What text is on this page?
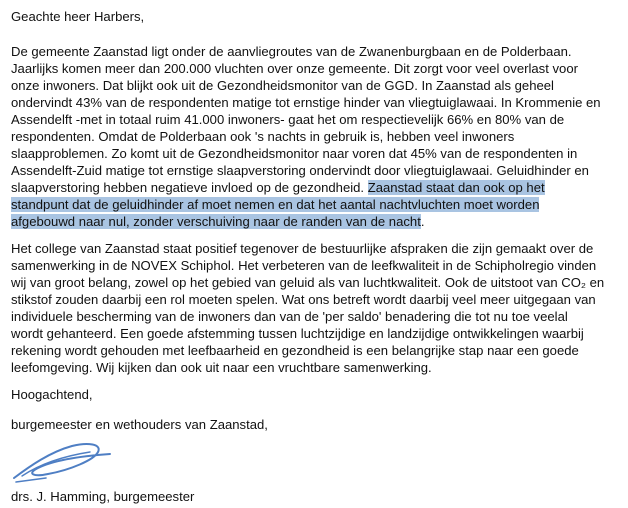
Geachte heer Harbers,
De gemeente Zaanstad ligt onder de aanvliegroutes van de Zwanenburgbaan en de Polderbaan.
Jaarlijks komen meer dan 200.000 vluchten over onze gemeente. Dit zorgt voor veel overlast voor
onze inwoners. Dat blijkt ook uit de Gezondheidsmonitor van de GGD. In Zaanstad als geheel
ondervindt 43% van de respondenten matige tot ernstige hinder van vliegtuiglawaai. In Krommenie en
Assendelft -met in totaal ruim 41.000 inwoners- gaat het om respectievelijk 66% en 80% van de
respondenten. Omdat de Polderbaan ook 's nachts in gebruik is, hebben veel inwoners
slaapproblemen. Zo komt uit de Gezondheidsmonitor naar voren dat 45% van de respondenten in
Assendelft-Zuid matige tot ernstige slaapverstoring ondervindt door vliegtuiglawaai. Geluidhinder en
slaapverstoring hebben negatieve invloed op de gezondheid. Zaanstad staat dan ook op het
standpunt dat de geluidhinder af moet nemen en dat het aantal nachtvluchten moet worden
afgebouwd naar nul, zonder verschuiving naar de randen van de nacht.
Het college van Zaanstad staat positief tegenover de bestuurlijke afspraken die zijn gemaakt over de
samenwerking in de NOVEX Schiphol. Het verbeteren van de leefkwaliteit in de Schipholregio vinden
wij van groot belang, zowel op het gebied van geluid als van luchtkwaliteit. Ook de uitstoot van CO₂ en
stikstof zouden daarbij een rol moeten spelen. Wat ons betreft wordt daarbij veel meer uitgegaan van
individuele bescherming van de inwoners dan van de 'per saldo' benadering die tot nu toe veelal
wordt gehanteerd. Een goede afstemming tussen luchtzijdige en landzijdige ontwikkelingen waarbij
rekening wordt gehouden met leefbaarheid en gezondheid is een belangrijke stap naar een goede
leefomgeving. Wij kijken dan ook uit naar een vruchtbare samenwerking.
Hoogachtend,
burgemeester en wethouders van Zaanstad,
drs. J. Hamming, burgemeester
